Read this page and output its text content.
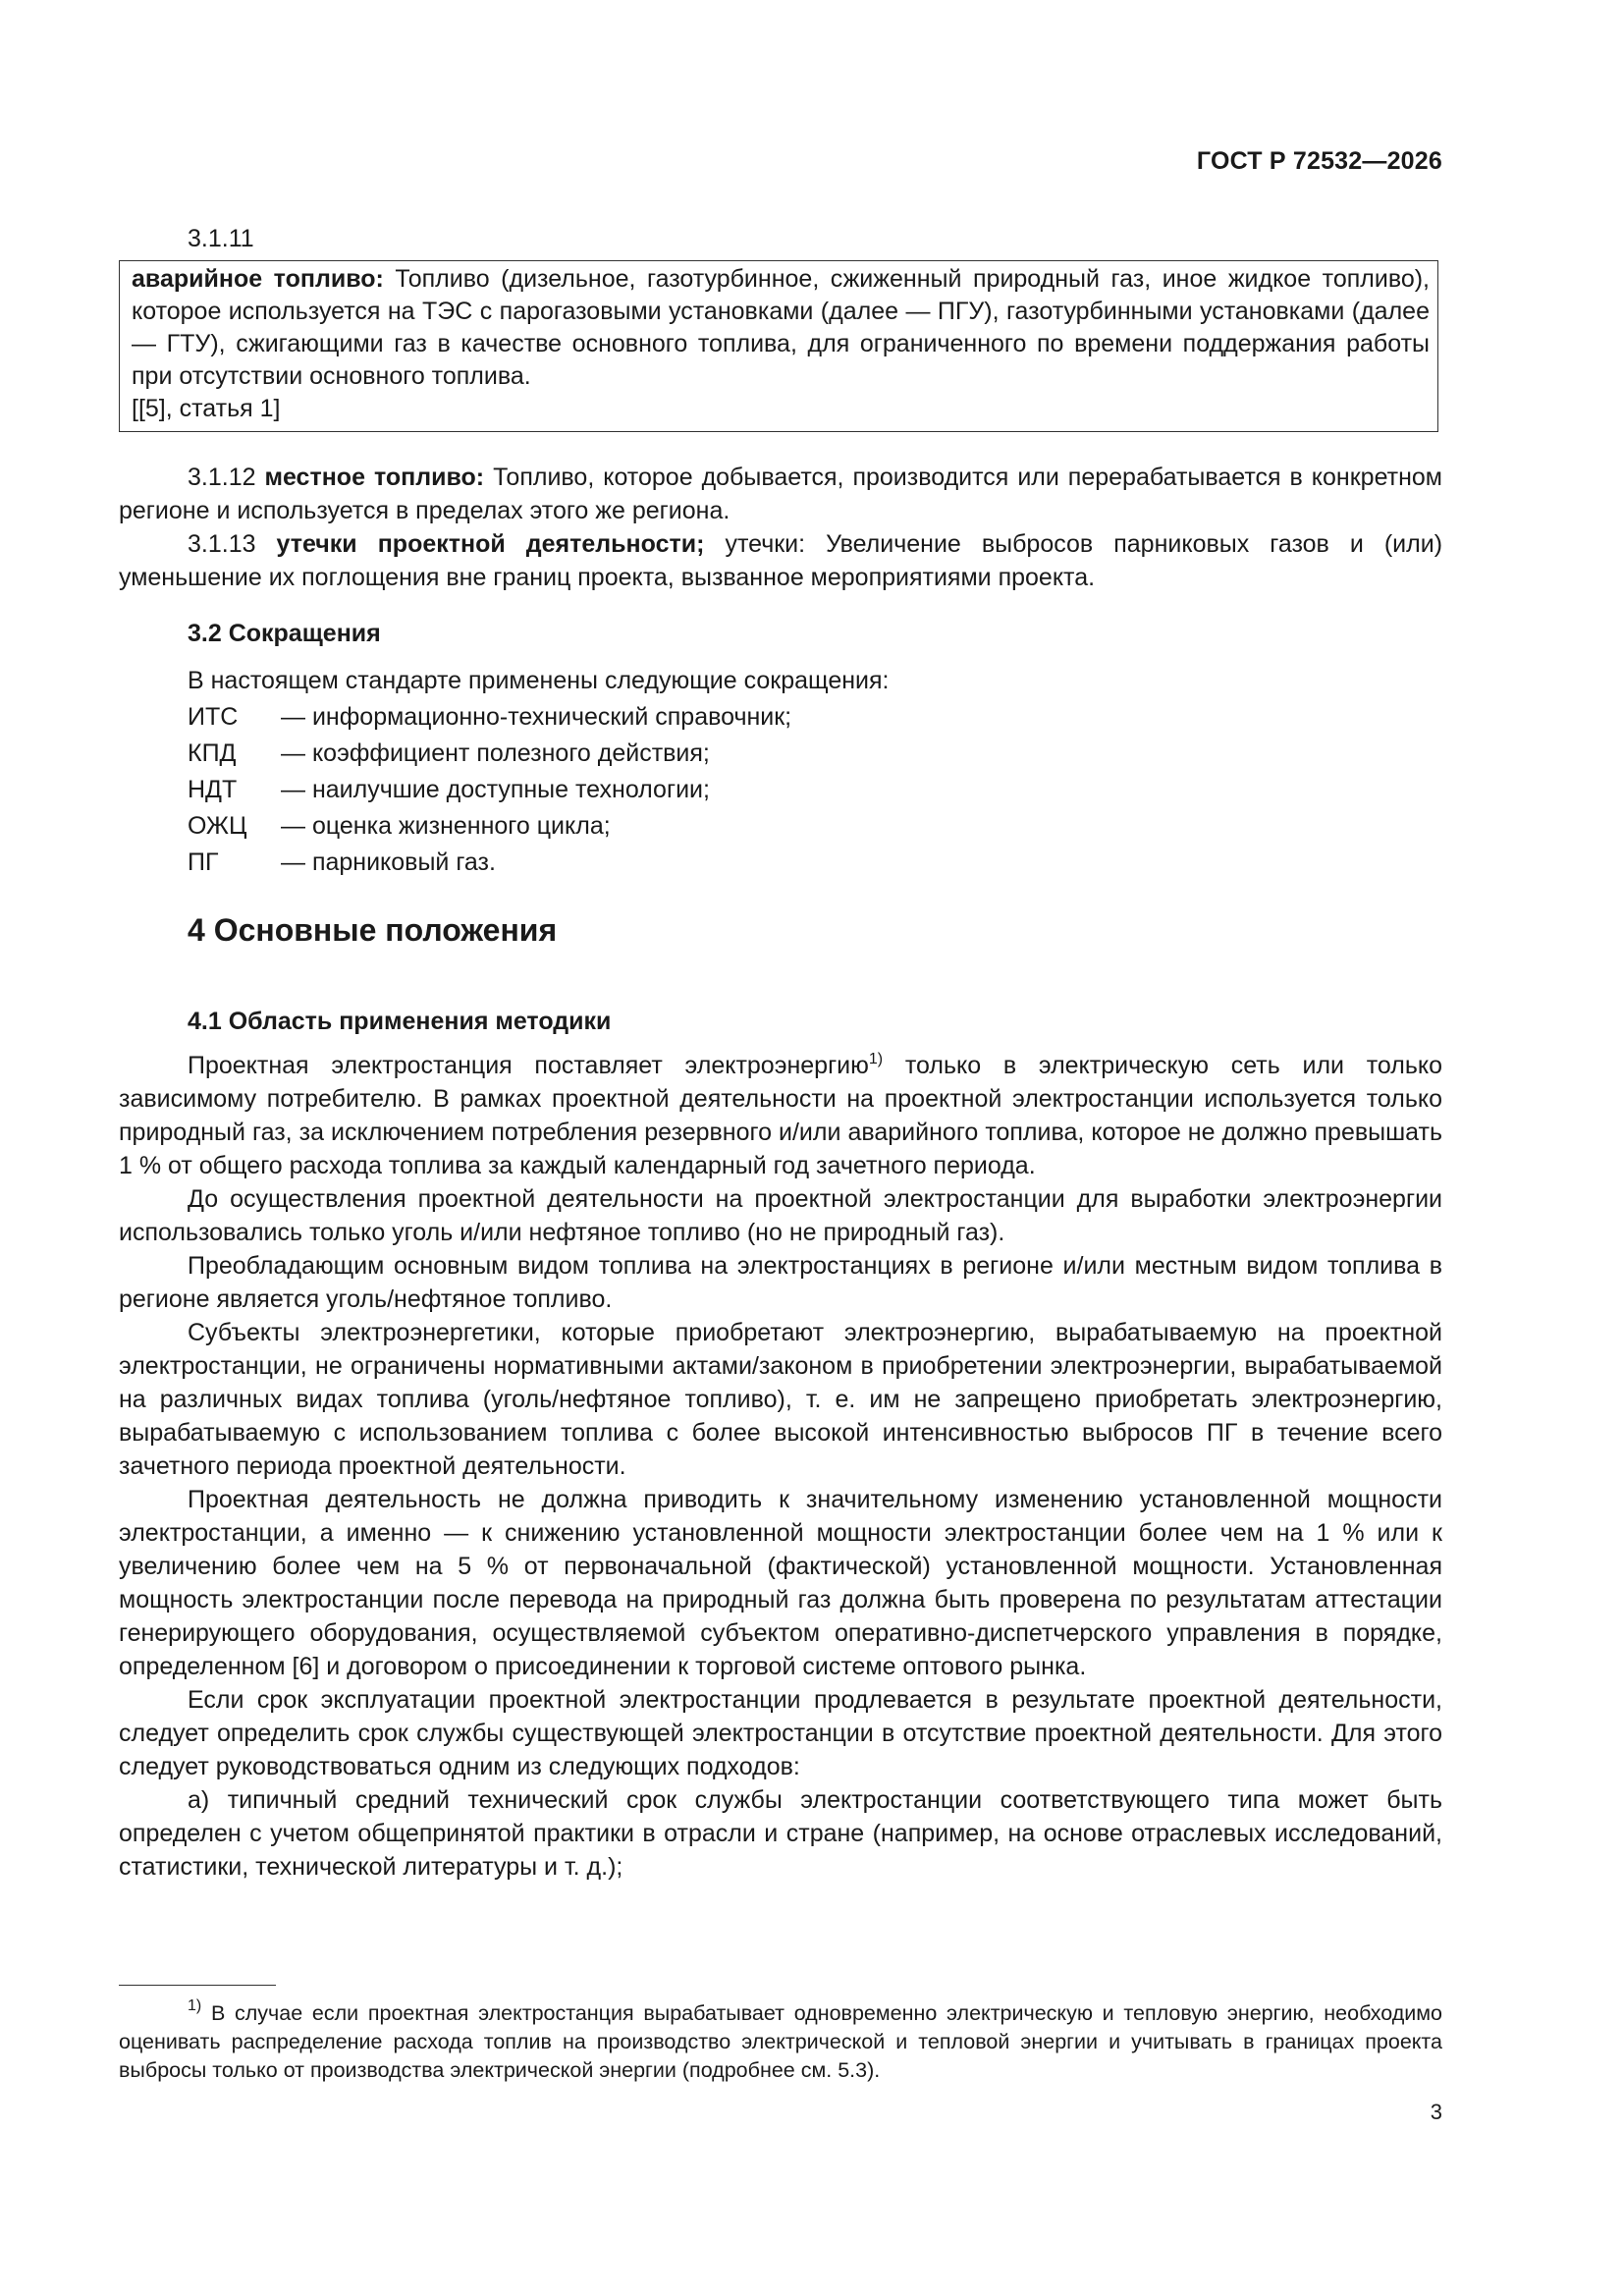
ГОСТ Р 72532—2026
3.1.11

аварийное топливо: Топливо (дизельное, газотурбинное, сжиженный природный газ, иное жидкое топливо), которое используется на ТЭС с парогазовыми установками (далее — ПГУ), газотурбинными установками (далее — ГТУ), сжигающими газ в качестве основного топлива, для ограниченного по времени поддержания работы при отсутствии основного топлива.

[[5], статья 1]

3.1.12 местное топливо: Топливо, которое добывается, производится или перерабатывается в конкретном регионе и используется в пределах этого же региона.

3.1.13 утечки проектной деятельности; утечки: Увеличение выбросов парниковых газов и (или) уменьшение их поглощения вне границ проекта, вызванное мероприятиями проекта.

3.2 Сокращения

В настоящем стандарте применены следующие сокращения:

ИТС	— информационно-технический справочник;
КПД	— коэффициент полезного действия;
НДТ	— наилучшие доступные технологии;
ОЖЦ	— оценка жизненного цикла;
ПГ	— парниковый газ.

4 Основные положения

4.1 Область применения методики

Проектная электростанция поставляет электроэнергию$^{1)}$ только в электрическую сеть или только зависимому потребителю. В рамках проектной деятельности на проектной электростанции используется только природный газ, за исключением потребления резервного и/или аварийного топлива, которое не должно превышать 1 % от общего расхода топлива за каждый календарный год зачетного периода.

До осуществления проектной деятельности на проектной электростанции для выработки электроэнергии использовались только уголь и/или нефтяное топливо (но не природный газ).

Преобладающим основным видом топлива на электростанциях в регионе и/или местным видом топлива в регионе является уголь/нефтяное топливо.

Субъекты электроэнергетики, которые приобретают электроэнергию, вырабатываемую на проектной электростанции, не ограничены нормативными актами/законом в приобретении электроэнергии, вырабатываемой на различных видах топлива (уголь/нефтяное топливо), т. е. им не запрещено приобретать электроэнергию, вырабатываемую с использованием топлива с более высокой интенсивностью выбросов ПГ в течение всего зачетного периода проектной деятельности.

Проектная деятельность не должна приводить к значительному изменению установленной мощности электростанции, а именно — к снижению установленной мощности электростанции более чем на 1 % или к увеличению более чем на 5 % от первоначальной (фактической) установленной мощности. Установленная мощность электростанции после перевода на природный газ должна быть проверена по результатам аттестации генерирующего оборудования, осуществляемой субъектом оперативно-диспетчерского управления в порядке, определенном [6] и договором о присоединении к торговой системе оптового рынка.

Если срок эксплуатации проектной электростанции продлевается в результате проектной деятельности, следует определить срок службы существующей электростанции в отсутствие проектной деятельности. Для этого следует руководствоваться одним из следующих подходов:

а) типичный средний технический срок службы электростанции соответствующего типа может быть определен с учетом общепринятой практики в отрасли и стране (например, на основе отраслевых исследований, статистики, технической литературы и т. д.);

$^{1)}$ В случае если проектная электростанция вырабатывает одновременно электрическую и тепловую энергию, необходимо оценивать распределение расхода топлив на производство электрической и тепловой энергии и учитывать в границах проекта выбросы только от производства электрической энергии (подробнее см. 5.3).

3
